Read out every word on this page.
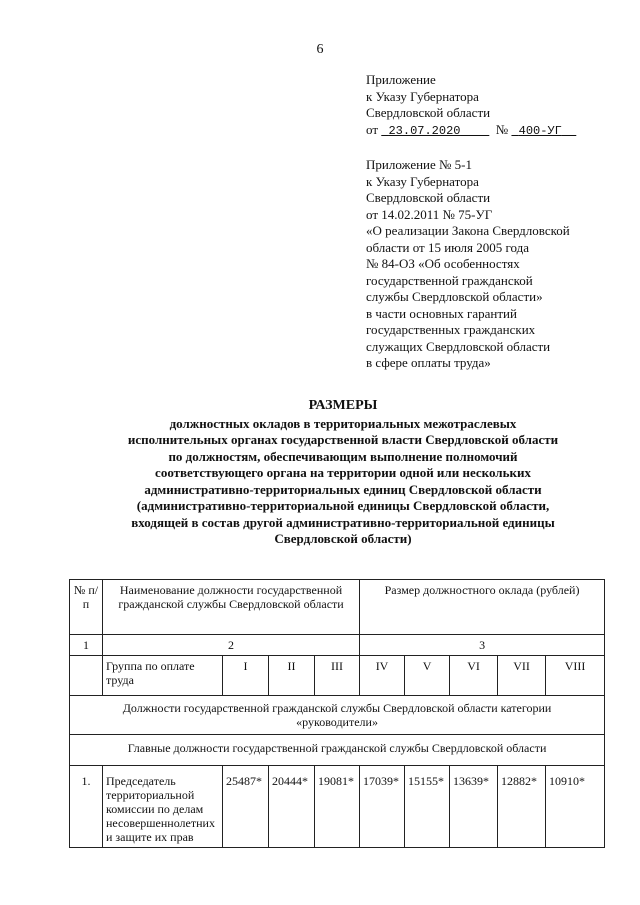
6
Приложение
к Указу Губернатора
Свердловской области
от 23.07.2020	№ 400-УГ
Приложение № 5-1
к Указу Губернатора
Свердловской области
от 14.02.2011 № 75-УГ
«О реализации Закона Свердловской
области от 15 июля 2005 года
№ 84-ОЗ «Об особенностях
государственной гражданской
службы Свердловской области»
в части основных гарантий
государственных гражданских
служащих Свердловской области
в сфере оплаты труда»
РАЗМЕРЫ
должностных окладов в территориальных межотраслевых
исполнительных органах государственной власти Свердловской области
по должностям, обеспечивающим выполнение полномочий
соответствующего органа на территории одной или нескольких
административно-территориальных единиц Свердловской области
(административно-территориальной единицы Свердловской области,
входящей в состав другой административно-территориальной единицы
Свердловской области)
№ п/п	Наименование должности государственной гражданской службы Свердловской области				Размер должностного оклада (рублей)				
1	2				3				
	Группа по оплате труда	I	II	III	IV	V	VI	VII	VIII
Должности государственной гражданской службы Свердловской области категории «руководители»									
Главные должности государственной гражданской службы Свердловской области									
1.	Председатель территориальной комиссии по делам несовершеннолетних и защите их прав	25487*	20444*	19081*	17039*	15155*	13639*	12882*	10910*
